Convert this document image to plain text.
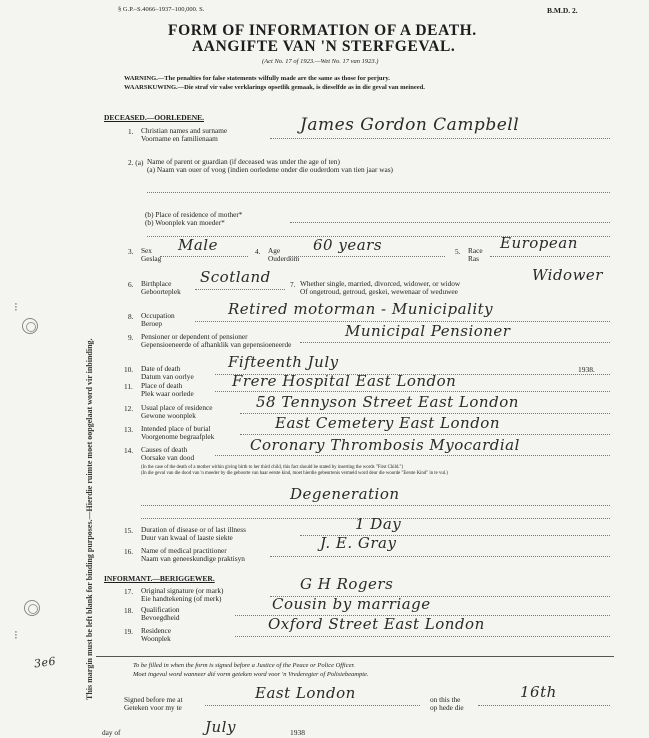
§ G.P.–S.4066–1937–100,000. S.	B.M.D. 2.
FORM OF INFORMATION OF A DEATH.
AANGIFTE VAN 'N STERFGEVAL.
(Act No. 17 of 1923.—Wet No. 17 van 1923.)
WARNING.—The penalties for false statements wilfully made are the same as those for perjury.
WAARSKUWING.—Die straf vir valse verklarings opsetlik gemaak, is dieselfde as in die geval van meineed.
This margin must be left blank for binding purposes.—Hierdie ruimte moet oopgelaat word vir inbinding.
⁝
⁝
3e6
DECEASED.—OORLEDENE.
1. Christian names and surname
Voorname en familienaam
James Gordon Campbell
2. (a) Name of parent or guardian (if deceased was under the age of ten)
(a) Naam van ouer of voog (indien oorledene onder die ouderdom van tien jaar was)
(b) Place of residence of mother*
(b) Woonplek van moeder*
3. Sex
Geslag
Male	4. Age
Ouderdom
60 years	5. Race
Ras
European
6. Birthplace
Geboorteplek
Scotland	7. Whether single, married, divorced, widower, or widow
Of ongetroud, getroud, geskei, wewenaar of weduwee
Widower
8. Occupation
Beroep
Retired motorman - Municipality
9. Pensioner or dependent of pensioner
Gepensioeneerde of afhanklik van gepensioeneerde
Municipal Pensioner
10. Date of death
Datum van oorlye
Fifteenth July	1938.
11. Place of death
Plek waar oorlede
Frere Hospital East London
12. Usual place of residence
Gewone woonplek
58 Tennyson Street East London
13. Intended place of burial
Voorgenome begraafplek
East Cemetery East London
14. Causes of death
Oorsake van dood
Coronary Thrombosis Myocardial
(In the case of the death of a mother within giving birth to her third child, this fact should be stated by inserting the words "First Child.")
(In die geval van die dood van 'n moeder by die geboorte van haar eerste kind, moet hierdie gebeurtenis vermeld word deur die woorde "Eerste Kind" in te vul.)
Degeneration
15. Duration of disease or of last illness
Duur van kwaal of laaste siekte
1 Day
16. Name of medical practitioner
Naam van geneeskundige praktisyn
J. E. Gray
INFORMANT.—BERIGGEWER.
17. Original signature (or mark)
Eie handtekening (of merk)
G H Rogers
18. Qualification
Bevoegdheid
Cousin by marriage
19. Residence
Woonplek
Oxford Street East London
To be filled in when the form is signed before a Justice of the Peace or Police Officer.
Moet ingevul word wanneer dié vorm geteken word voor 'n Vrederegter of Polisiebeampte.
Signed before me at
Geteken voor my te
East London	on this the
op hede die
16th
day of	July	1938
